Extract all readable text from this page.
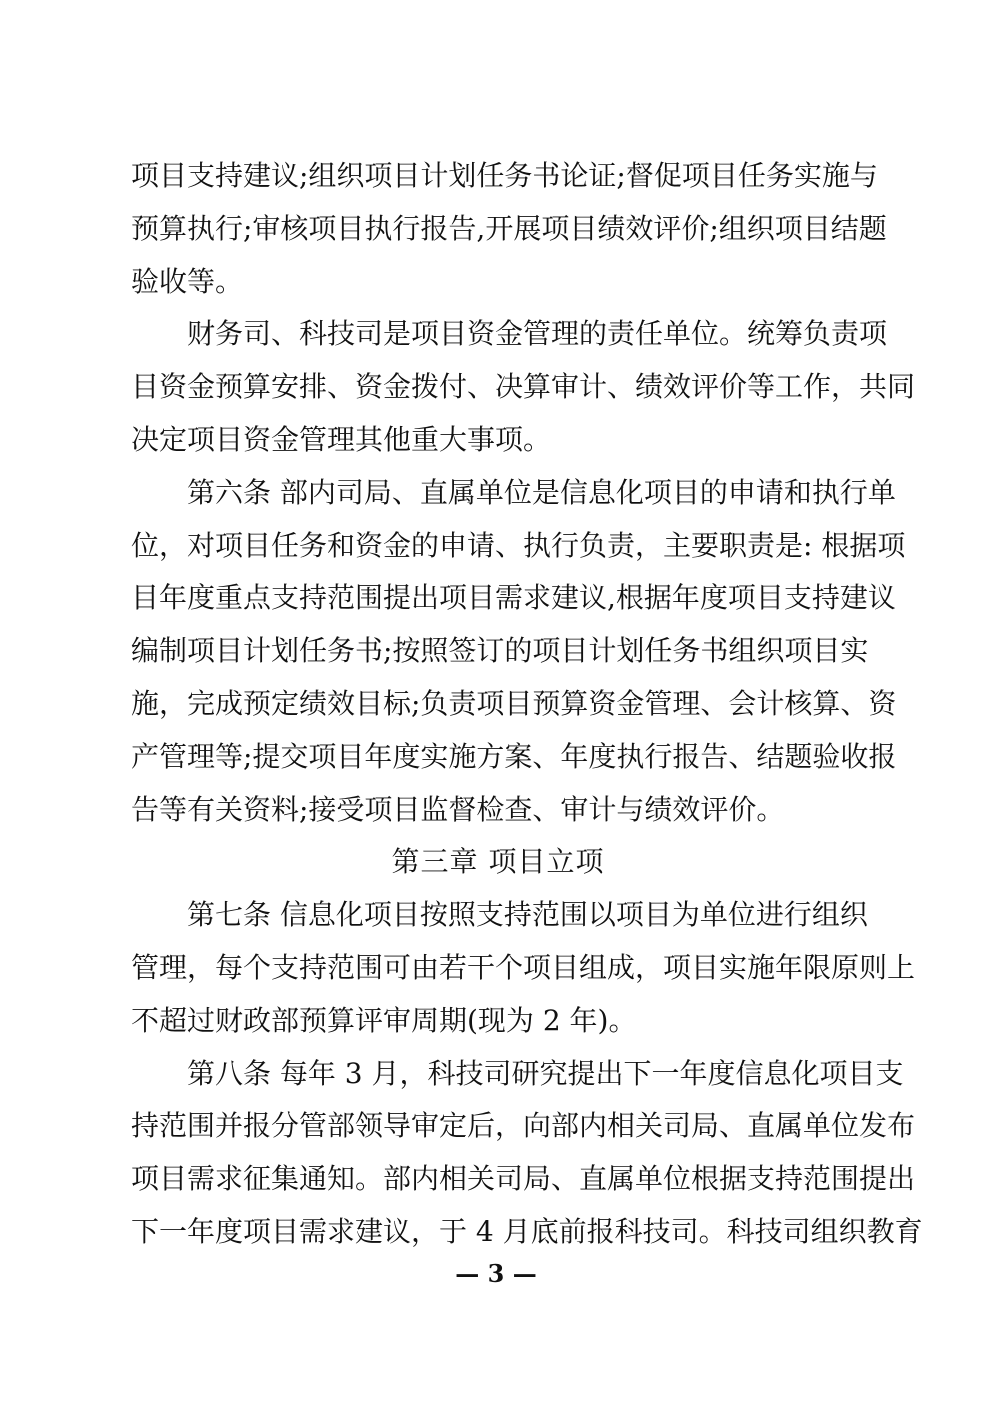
项目支持建议;组织项目计划任务书论证;督促项目任务实施与
预算执行;审核项目执行报告,开展项目绩效评价;组织项目结题
验收等。
财务司、科技司是项目资金管理的责任单位。统筹负责项
目资金预算安排、资金拨付、决算审计、绩效评价等工作，共同
决定项目资金管理其他重大事项。
第六条 部内司局、直属单位是信息化项目的申请和执行单
位，对项目任务和资金的申请、执行负责，主要职责是: 根据项
目年度重点支持范围提出项目需求建议,根据年度项目支持建议
编制项目计划任务书;按照签订的项目计划任务书组织项目实
施，完成预定绩效目标;负责项目预算资金管理、会计核算、资
产管理等;提交项目年度实施方案、年度执行报告、结题验收报
告等有关资料;接受项目监督检查、审计与绩效评价。
第三章 项目立项
第七条 信息化项目按照支持范围以项目为单位进行组织
管理，每个支持范围可由若干个项目组成，项目实施年限原则上
不超过财政部预算评审周期(现为 2 年)。
第八条 每年 3 月，科技司研究提出下一年度信息化项目支
持范围并报分管部领导审定后，向部内相关司局、直属单位发布
项目需求征集通知。部内相关司局、直属单位根据支持范围提出
下一年度项目需求建议，于 4 月底前报科技司。科技司组织教育
— 3 —
